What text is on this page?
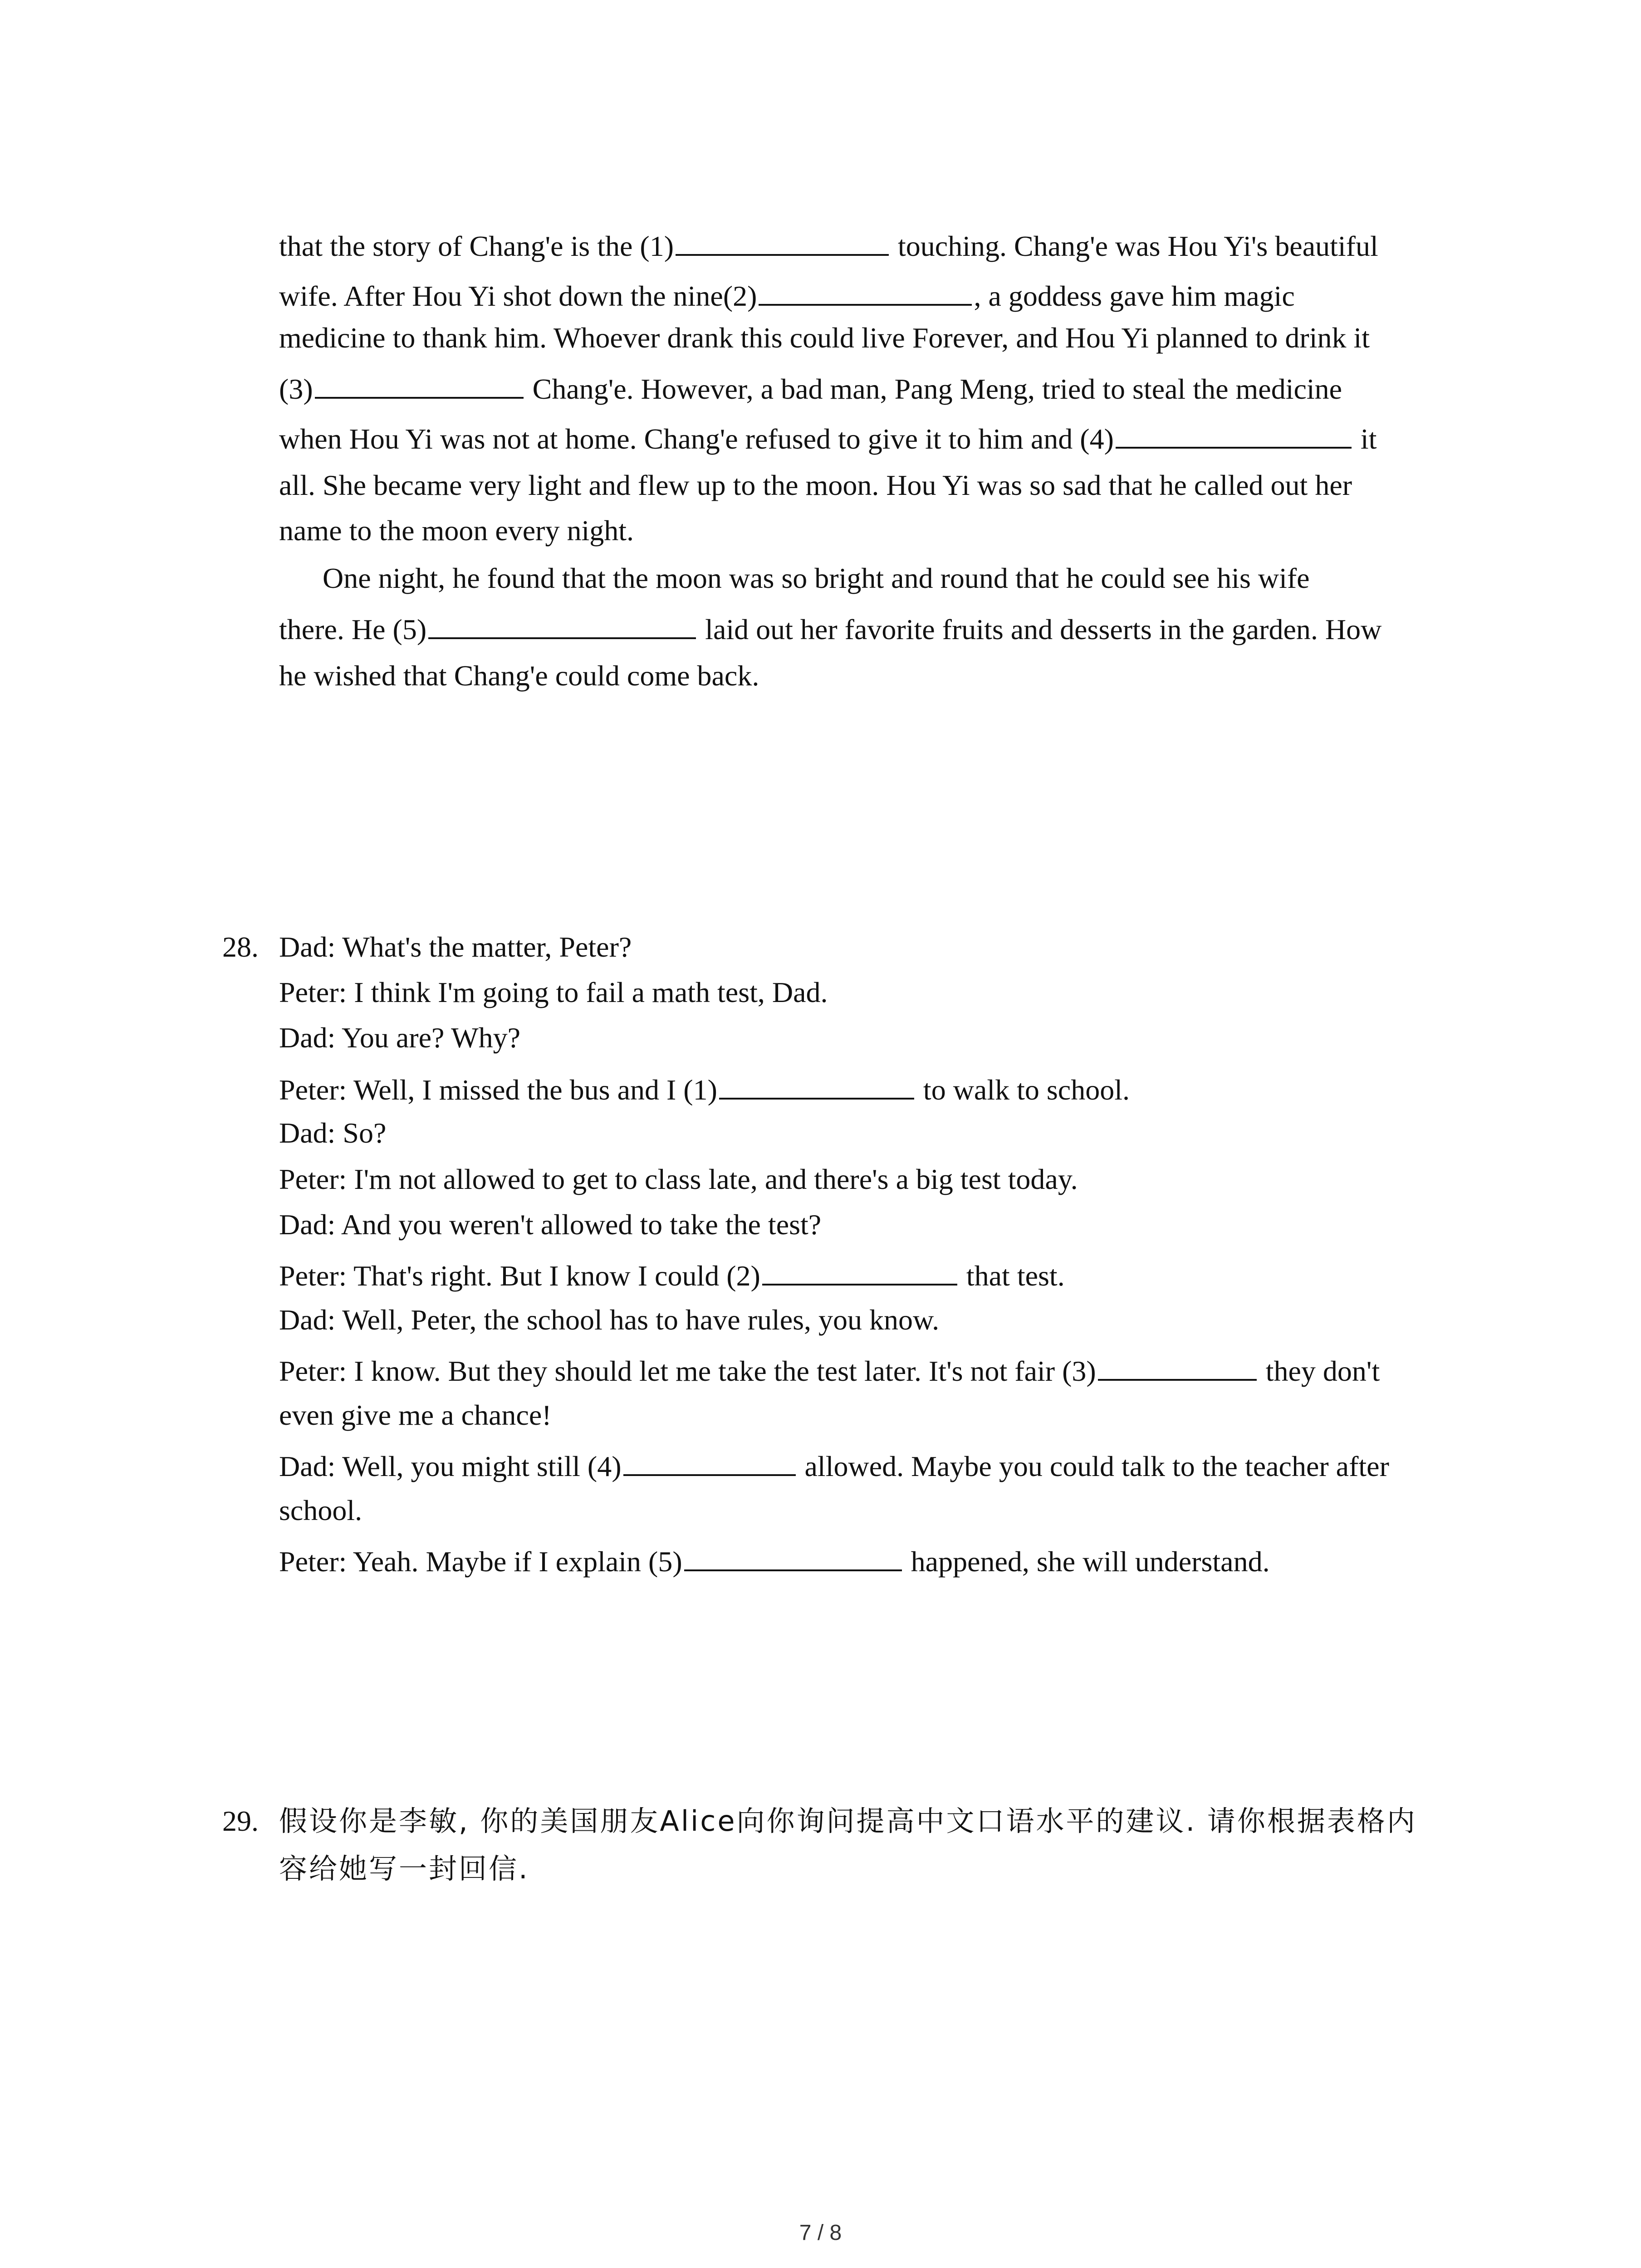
that the story of Chang'e is the (1)	touching. Chang'e was Hou Yi's beautiful
wife. After Hou Yi shot down the nine(2)	, a goddess gave him magic
medicine to thank him. Whoever drank this could live Forever, and Hou Yi planned to drink it
(3)	Chang'e. However, a bad man, Pang Meng, tried to steal the medicine
when Hou Yi was not at home. Chang'e refused to give it to him and (4)	it
all. She became very light and flew up to the moon. Hou Yi was so sad that he called out her
name to the moon every night.
One night, he found that the moon was so bright and round that he could see his wife
there. He (5)	laid out her favorite fruits and desserts in the garden. How
he wished that Chang'e could come back.
28. Dad: What's the matter, Peter?
Peter: I think I'm going to fail a math test, Dad.
Dad: You are? Why?
Peter: Well, I missed the bus and I (1)	to walk to school.
Dad: So?
Peter: I'm not allowed to get to class late, and there's a big test today.
Dad: And you weren't allowed to take the test?
Peter: That's right. But I know I could (2)	that test.
Dad: Well, Peter, the school has to have rules, you know.
Peter: I know. But they should let me take the test later. It's not fair (3)	they don't
even give me a chance!
Dad: Well, you might still (4)	allowed. Maybe you could talk to the teacher after
school.
Peter: Yeah. Maybe if I explain (5)	happened, she will understand.
29. 假设你是李敏, 你的美国朋友Alice向你询问提高中文口语水平的建议. 请你根据表格内
容给她写一封回信.
7 / 8
